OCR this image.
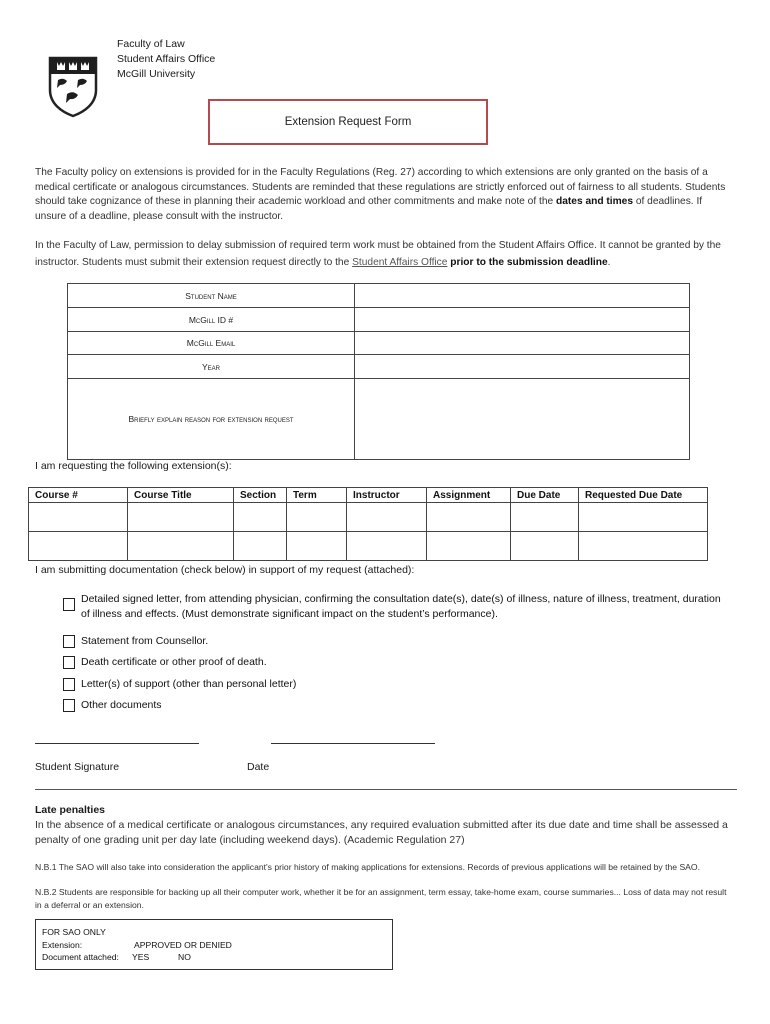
Faculty of Law
Student Affairs Office
McGill University
Extension Request Form
The Faculty policy on extensions is provided for in the Faculty Regulations (Reg. 27) according to which extensions are only granted on the basis of a medical certificate or analogous circumstances. Students are reminded that these regulations are strictly enforced out of fairness to all students. Students should take cognizance of these in planning their academic workload and other commitments and make note of the dates and times of deadlines. If unsure of a deadline, please consult with the instructor.
In the Faculty of Law, permission to delay submission of required term work must be obtained from the Student Affairs Office. It cannot be granted by the instructor. Students must submit their extension request directly to the Student Affairs Office prior to the submission deadline.
Student Name	
McGill ID #	
McGill Email	
Year	
Briefly explain reason for extension request	
I am requesting the following extension(s):
Course #	Course Title	Section	Term	Instructor	Assignment	Due Date	Requested Due Date

I am submitting documentation (check below) in support of my request (attached):
Detailed signed letter, from attending physician, confirming the consultation date(s), date(s) of illness, nature of illness, treatment, duration of illness and effects. (Must demonstrate significant impact on the student’s performance).
Statement from Counsellor.
Death certificate or other proof of death.
Letter(s) of support (other than personal letter)
Other documents
Student Signature	Date
Late penalties
In the absence of a medical certificate or analogous circumstances, any required evaluation submitted after its due date and time shall be assessed a penalty of one grading unit per day late (including weekend days). (Academic Regulation 27)
N.B.1 The SAO will also take into consideration the applicant's prior history of making applications for extensions. Records of previous applications will be retained by the SAO.
N.B.2 Students are responsible for backing up all their computer work, whether it be for an assignment, term essay, take-home exam, course summaries... Loss of data may not result in a deferral or an extension.
FOR SAO ONLY
Extension:	APPROVED OR DENIED
Document attached:	YES	NO
